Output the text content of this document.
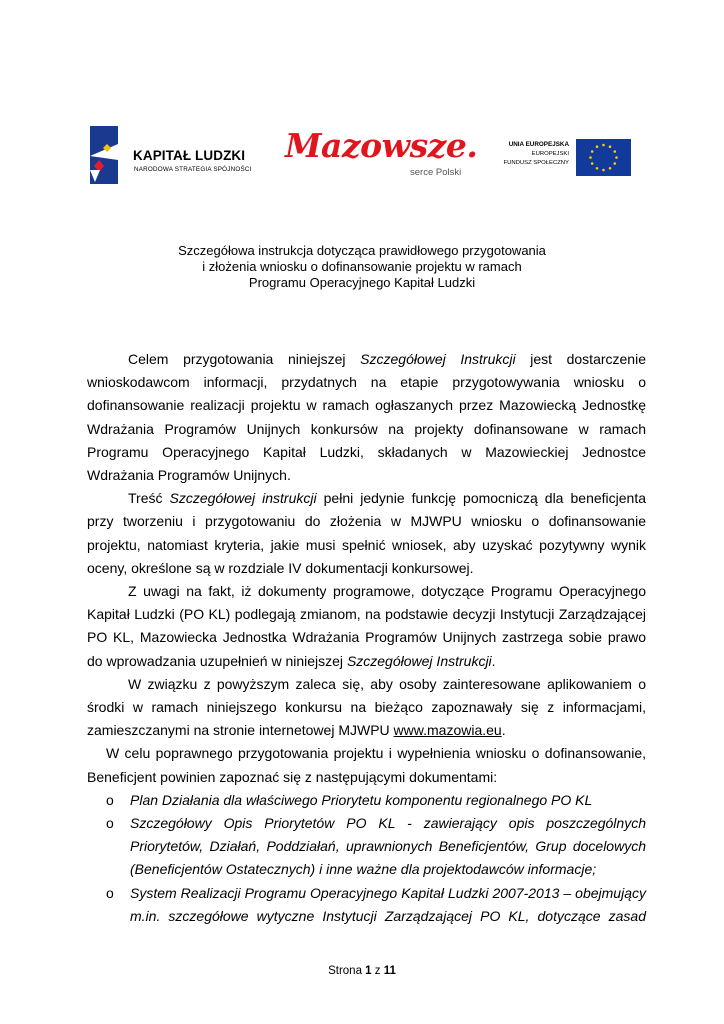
KAPITAŁ LUDZKI
NARODOWA STRATEGIA SPÓJNOŚCI
Mazowsze.
serce Polski
UNIA EUROPEJSKA
EUROPEJSKI
FUNDUSZ SPOŁECZNY
Szczegółowa instrukcja dotycząca prawidłowego przygotowania
i złożenia wniosku o dofinansowanie projektu w ramach
Programu Operacyjnego Kapitał Ludzki

Celem przygotowania niniejszej Szczegółowej Instrukcji jest dostarczenie wnioskodawcom informacji, przydatnych na etapie przygotowywania wniosku o dofinansowanie realizacji projektu w ramach ogłaszanych przez Mazowiecką Jednostkę Wdrażania Programów Unijnych konkursów na projekty dofinansowane w ramach Programu Operacyjnego Kapitał Ludzki, składanych w Mazowieckiej Jednostce Wdrażania Programów Unijnych.

Treść Szczegółowej instrukcji pełni jedynie funkcję pomocniczą dla beneficjenta przy tworzeniu i przygotowaniu do złożenia w MJWPU wniosku o dofinansowanie projektu, natomiast kryteria, jakie musi spełnić wniosek, aby uzyskać pozytywny wynik oceny, określone są w rozdziale IV dokumentacji konkursowej.

Z uwagi na fakt, iż dokumenty programowe, dotyczące Programu Operacyjnego Kapitał Ludzki (PO KL) podlegają zmianom, na podstawie decyzji Instytucji Zarządzającej PO KL, Mazowiecka Jednostka Wdrażania Programów Unijnych zastrzega sobie prawo do wprowadzania uzupełnień w niniejszej Szczegółowej Instrukcji.

W związku z powyższym zaleca się, aby osoby zainteresowane aplikowaniem o środki w ramach niniejszego konkursu na bieżąco zapoznawały się z informacjami, zamieszczanymi na stronie internetowej MJWPU www.mazowia.eu.

W celu poprawnego przygotowania projektu i wypełnienia wniosku o dofinansowanie, Beneficjent powinien zapoznać się z następującymi dokumentami:

o Plan Działania dla właściwego Priorytetu komponentu regionalnego PO KL
o Szczegółowy Opis Priorytetów PO KL - zawierający opis poszczególnych Priorytetów, Działań, Poddziałań, uprawnionych Beneficjentów, Grup docelowych (Beneficjentów Ostatecznych) i inne ważne dla projektodawców informacje;
o System Realizacji Programu Operacyjnego Kapitał Ludzki 2007-2013 – obejmujący m.in. szczegółowe wytyczne Instytucji Zarządzającej PO KL, dotyczące zasad
Strona 1 z 11
